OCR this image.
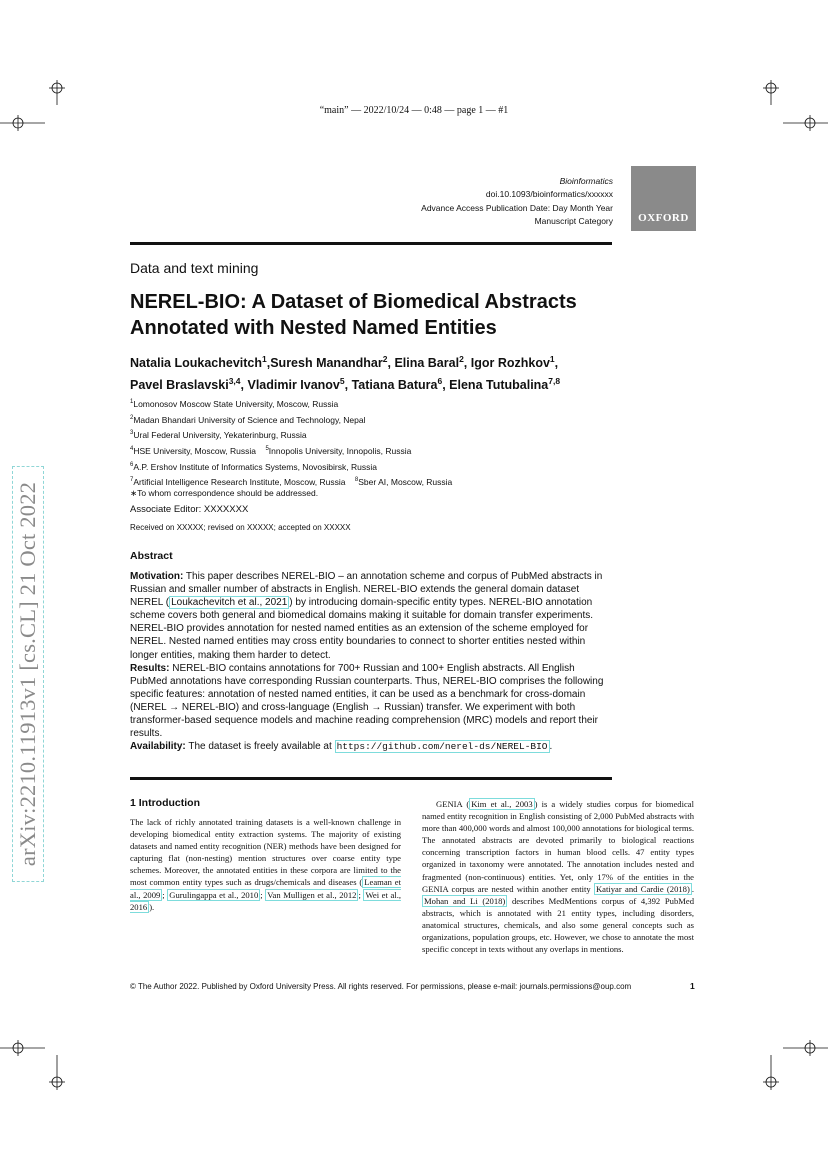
“main” — 2022/10/24 — 0:48 — page 1 — #1
Bioinformatics
doi.10.1093/bioinformatics/xxxxxx
Advance Access Publication Date: Day Month Year
Manuscript Category	OXFORD
Data and text mining
NEREL-BIO: A Dataset of Biomedical Abstracts Annotated with Nested Named Entities
Natalia Loukachevitch$^1$,Suresh Manandhar$^2$, Elina Baral$^2$, Igor Rozhkov$^1$,
Pavel Braslavski$^{3,4}$, Vladimir Ivanov$^5$, Tatiana Batura$^6$, Elena Tutubalina$^{7,8}$
$^1$Lomonosov Moscow State University, Moscow, Russia
$^2$Madan Bhandari University of Science and Technology, Nepal
$^3$Ural Federal University, Yekaterinburg, Russia
$^4$HSE University, Moscow, Russia $^5$Innopolis University, Innopolis, Russia
$^6$A.P. Ershov Institute of Informatics Systems, Novosibirsk, Russia
$^7$Artificial Intelligence Research Institute, Moscow, Russia $^8$Sber AI, Moscow, Russia
∗To whom correspondence should be addressed.
Associate Editor: XXXXXXX
Received on XXXXX; revised on XXXXX; accepted on XXXXX
Abstract

Motivation: This paper describes NEREL-BIO – an annotation scheme and corpus of PubMed abstracts in Russian and smaller number of abstracts in English. NEREL-BIO extends the general domain dataset NEREL ( Loukachevitch et al., 2021 ) by introducing domain-specific entity types. NEREL-BIO annotation scheme covers both general and biomedical domains making it suitable for domain transfer experiments. NEREL-BIO provides annotation for nested named entities as an extension of the scheme employed for NEREL. Nested named entities may cross entity boundaries to connect to shorter entities nested within longer entities, making them harder to detect.

Results: NEREL-BIO contains annotations for 700+ Russian and 100+ English abstracts. All English PubMed annotations have corresponding Russian counterparts. Thus, NEREL-BIO comprises the following specific features: annotation of nested named entities, it can be used as a benchmark for cross-domain (NEREL → NEREL-BIO) and cross-language (English → Russian) transfer. We experiment with both transformer-based sequence models and machine reading comprehension (MRC) models and report their results.

Availability: The dataset is freely available at https://github.com/nerel-ds/NEREL-BIO .

1 Introduction

The lack of richly annotated training datasets is a well-known challenge in developing biomedical entity extraction systems. The majority of existing datasets and named entity recognition (NER) methods have been designed for capturing flat (non-nesting) mention structures over coarse entity type schemes. Moreover, the annotated entities in these corpora are limited to the most common entity types such as drugs/chemicals and diseases ( Leaman et al., 2009 ; Gurulingappa et al., 2010 ; Van Mulligen et al., 2012 ; Wei et al., 2016 ).

GENIA ( Kim et al., 2003 ) is a widely studies corpus for biomedical named entity recognition in English consisting of 2,000 PubMed abstracts with more than 400,000 words and almost 100,000 annotations for biological terms. The annotated abstracts are devoted primarily to biological reactions concerning transcription factors in human blood cells. 47 entity types organized in taxonomy were annotated. The annotation includes nested and fragmented (non-continuous) entities. Yet, only 17% of the entities in the GENIA corpus are nested within another entity Katiyar and Cardie (2018) . Mohan and Li (2018) describes MedMentions corpus of 4,392 PubMed abstracts, which is annotated with 21 entity types, including disorders, anatomical structures, chemicals, and also some general concepts such as organizations, population groups, etc. However, we chose to annotate the most specific concept in texts without any overlaps in mentions.

© The Author 2022. Published by Oxford University Press. All rights reserved. For permissions, please e-mail: journals.permissions@oup.com	1
arXiv:2210.11913v1 [cs.CL] 21 Oct 2022
